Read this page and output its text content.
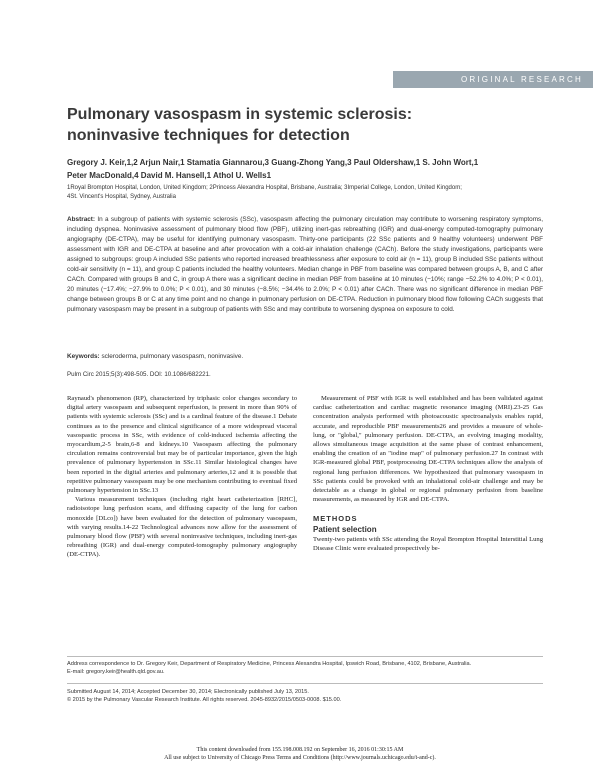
ORIGINAL RESEARCH
Pulmonary vasospasm in systemic sclerosis:
noninvasive techniques for detection
Gregory J. Keir,1,2 Arjun Nair,1 Stamatia Giannarou,3 Guang-Zhong Yang,3 Paul Oldershaw,1 S. John Wort,1
Peter MacDonald,4 David M. Hansell,1 Athol U. Wells1
1Royal Brompton Hospital, London, United Kingdom; 2Princess Alexandra Hospital, Brisbane, Australia; 3Imperial College, London, United Kingdom;
4St. Vincent's Hospital, Sydney, Australia

Abstract: In a subgroup of patients with systemic sclerosis (SSc), vasospasm affecting the pulmonary circulation may contribute to worsening respiratory symptoms, including dyspnea. Noninvasive assessment of pulmonary blood flow (PBF), utilizing inert-gas rebreathing (IGR) and dual-energy computed-tomography pulmonary angiography (DE-CTPA), may be useful for identifying pulmonary vasospasm. Thirty-one participants (22 SSc patients and 9 healthy volunteers) underwent PBF assessment with IGR and DE-CTPA at baseline and after provocation with a cold-air inhalation challenge (CACh). Before the study investigations, participants were assigned to subgroups: group A included SSc patients who reported increased breathlessness after exposure to cold air (n = 11), group B included SSc patients without cold-air sensitivity (n = 11), and group C patients included the healthy volunteers. Median change in PBF from baseline was compared between groups A, B, and C after CACh. Compared with groups B and C, in group A there was a significant decline in median PBF from baseline at 10 minutes (−10%; range −52.2% to 4.0%; P < 0.01), 20 minutes (−17.4%; −27.9% to 0.0%; P < 0.01), and 30 minutes (−8.5%; −34.4% to 2.0%; P < 0.01) after CACh. There was no significant difference in median PBF change between groups B or C at any time point and no change in pulmonary perfusion on DE-CTPA. Reduction in pulmonary blood flow following CACh suggests that pulmonary vasospasm may be present in a subgroup of patients with SSc and may contribute to worsening dyspnea on exposure to cold.

Keywords: scleroderma, pulmonary vasospasm, noninvasive.
Pulm Circ 2015;5(3):498-505. DOI: 10.1086/682221.

Raynaud's phenomenon (RP), characterized by triphasic color changes secondary to digital artery vasospasm and subsequent reperfusion, is present in more than 90% of patients with systemic sclerosis (SSc) and is a cardinal feature of the disease.1 Debate continues as to the presence and clinical significance of a more widespread visceral vasospastic process in SSc, with evidence of cold-induced ischemia affecting the myocardium,2-5 brain,6-8 and kidneys.10 Vasospasm affecting the pulmonary circulation remains controversial but may be of particular importance, given the high prevalence of pulmonary hypertension in SSc.11 Similar histological changes have been reported in the digital arteries and pulmonary arteries,12 and it is possible that repetitive pulmonary vasospasm may be one mechanism contributing to eventual fixed pulmonary hypertension in SSc.13

Various measurement techniques (including right heart catheterization [RHC], radioisotope lung perfusion scans, and diffusing capacity of the lung for carbon monoxide [DLco]) have been evaluated for the detection of pulmonary vasospasm, with varying results.14-22 Technological advances now allow for the assessment of pulmonary blood flow (PBF) with several noninvasive techniques, including inert-gas rebreathing (IGR) and dual-energy computed-tomography pulmonary angiography (DE-CTPA).

Measurement of PBF with IGR is well established and has been validated against cardiac catheterization and cardiac magnetic resonance imaging (MRI).23-25 Gas concentration analysis performed with photoacoustic spectroanalysis enables rapid, accurate, and reproducible PBF measurements26 and provides a measure of whole-lung, or "global," pulmonary perfusion. DE-CTPA, an evolving imaging modality, allows simultaneous image acquisition at the same phase of contrast enhancement, enabling the creation of an "iodine map" of pulmonary perfusion.27 In contrast with IGR-measured global PBF, postprocessing DE-CTPA techniques allow the analysis of regional lung perfusion differences. We hypothesized that pulmonary vasospasm in SSc patients could be provoked with an inhalational cold-air challenge and may be detectable as a change in global or regional pulmonary perfusion from baseline measurements, as measured by IGR and DE-CTPA.

METHODS
Patient selection

Twenty-two patients with SSc attending the Royal Brompton Hospital Interstitial Lung Disease Clinic were evaluated prospectively be-

Address correspondence to Dr. Gregory Keir, Department of Respiratory Medicine, Princess Alexandra Hospital, Ipswich Road, Brisbane, 4102, Brisbane, Australia.
E-mail: gregory.keir@health.qld.gov.au.
Submitted August 14, 2014; Accepted December 30, 2014; Electronically published July 13, 2015.
© 2015 by the Pulmonary Vascular Research Institute. All rights reserved. 2045-8932/2015/0503-0008. $15.00.
This content downloaded from 155.198.008.192 on September 16, 2016 01:30:15 AM
All use subject to University of Chicago Press Terms and Conditions (http://www.journals.uchicago.edu/t-and-c).
